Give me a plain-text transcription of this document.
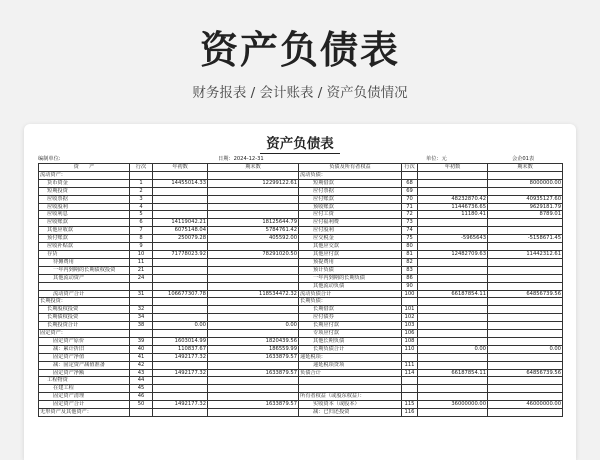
资产负债表
财务报表 / 会计账表 / 资产负债情况
资产负债表
编制单位:	日期：2024-12-31	单位：元	会企01表
资　　产	行次	年初数	期末数	负债及所有者权益	行次	年初数	期末数
流动资产：				流动负债：			
货币资金	1	14455014.33	12299122.61	短期借款	68		8000000.00
短期投资	2			应付票据	69		
应收票据	3			应付账款	70	48232870.42	40935127.60
应收股利	4			预收账款	71	11446736.65	9629181.79
应收利息	5			应付工资	72	11180.41	8789.01
应收账款	6	14119042.21	18125644.79	应付福利费	73		
其他应收款	7	6075148.04	5784761.42	应付股利	74		
预付账款	8	250079.28	405592.00	应交税金	75	-5965643	-5158671.45
应收补贴款	9			其他应交款	80		
存货	10	71778023.92	78291020.50	其他应付款	81	12482709.63	11442312.61
待摊费用	11			预提费用	82		
一年内到期的长期债权投资	21			预计负债	83		
其他流动资产	24			一年内到期的长期负债	86		
				其他流动负债	90		
流动资产合计	31	106677307.78	118534472.32	流动负债合计	100	66187854.11	64856739.56
长期投资：				长期负债：			
长期股权投资	32			长期借款	101		
长期债权投资	34			应付债券	102		
长期投资合计	38	0.00	0.00	长期应付款	103		
固定资产：				专项应付款	106		
固定资产原价	39	1603014.99	1820439.56	其他长期负债	108		
减：累计折旧	40	110837.67	186559.99	长期负债合计	110	0.00	0.00
固定资产净值	41	1492177.32	1633879.57	递延税项：			
减：固定资产减值准备	42			递延税项贷项	111		
固定资产净额	43	1492177.32	1633879.57	负债合计	114	66187854.11	64856739.56
工程物资	44						
在建工程	45						
固定资产清理	46			所有者权益（或股东权益）：			
固定资产合计	50	1492177.32	1633879.57	实收资本（或股本）	115	36000000.00	46000000.00
无形资产及其他资产：				减：已归还投资	116		
